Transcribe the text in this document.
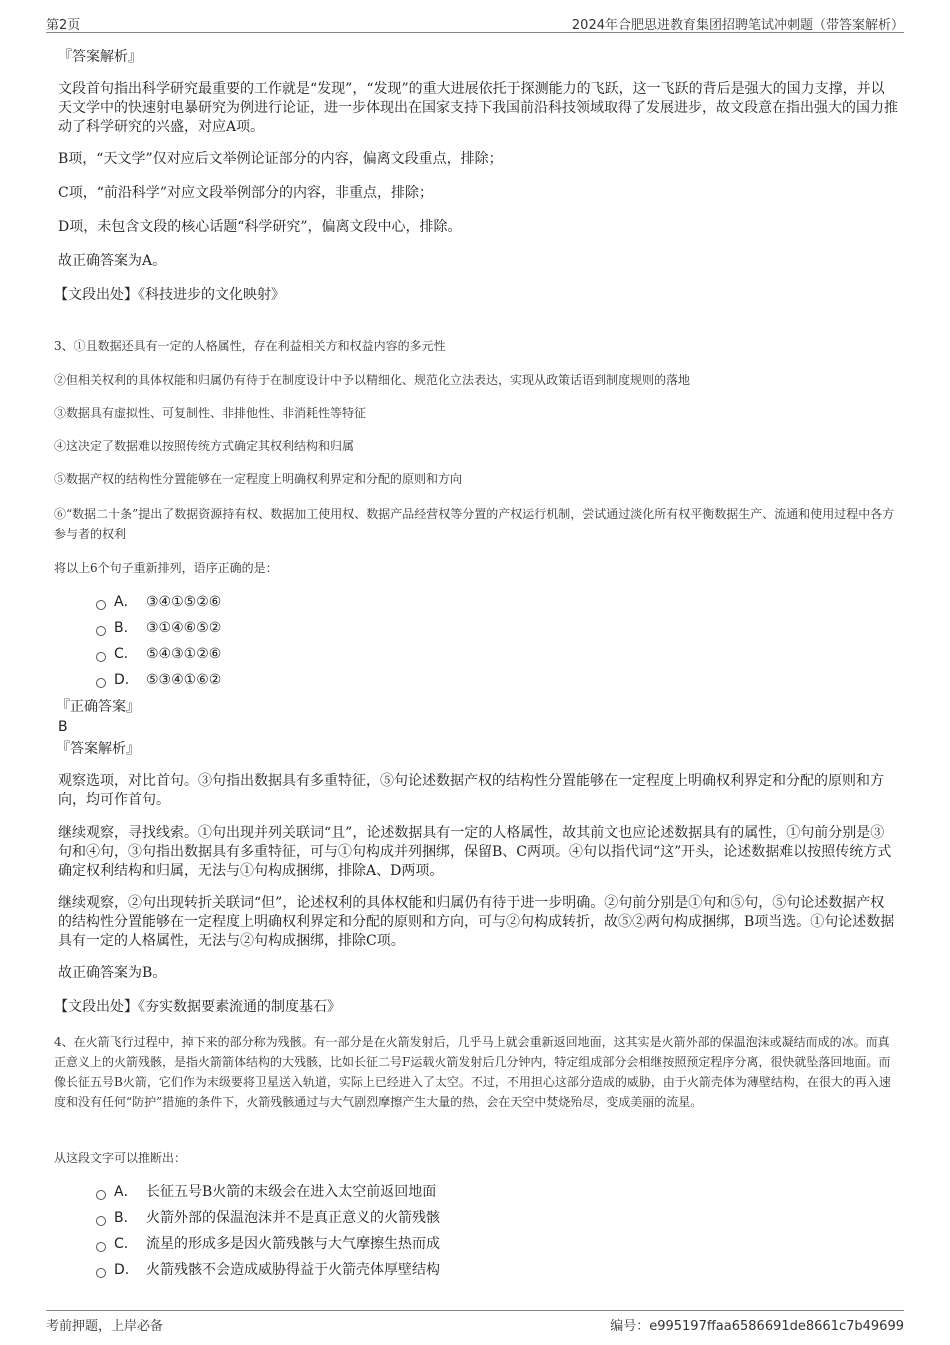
第2页	2024年合肥思进教育集团招聘笔试冲刺题（带答案解析）
『答案解析』
文段首句指出科学研究最重要的工作就是“发现”，“发现”的重大进展依托于探测能力的飞跃，这一飞跃的背后是强大的国力支撑，并以天文学中的快速射电暴研究为例进行论证，进一步体现出在国家支持下我国前沿科技领域取得了发展进步，故文段意在指出强大的国力推动了科学研究的兴盛，对应A项。
B项，“天文学”仅对应后文举例论证部分的内容，偏离文段重点，排除；
C项，“前沿科学”对应文段举例部分的内容，非重点，排除；
D项，未包含文段的核心话题“科学研究”，偏离文段中心，排除。
故正确答案为A。
【文段出处】《科技进步的文化映射》
3、①且数据还具有一定的人格属性，存在利益相关方和权益内容的多元性
②但相关权利的具体权能和归属仍有待于在制度设计中予以精细化、规范化立法表达，实现从政策话语到制度规则的落地
③数据具有虚拟性、可复制性、非排他性、非消耗性等特征
④这决定了数据难以按照传统方式确定其权利结构和归属
⑤数据产权的结构性分置能够在一定程度上明确权利界定和分配的原则和方向
⑥“数据二十条”提出了数据资源持有权、数据加工使用权、数据产品经营权等分置的产权运行机制，尝试通过淡化所有权平衡数据生产、流通和使用过程中各方参与者的权利
将以上6个句子重新排列，语序正确的是：
A． ③④①⑤②⑥
B.	③①④⑥⑤②
C.	⑤④③①②⑥
D.	⑤③④①⑥②
『正确答案』
B
『答案解析』
观察选项，对比首句。③句指出数据具有多重特征，⑤句论述数据产权的结构性分置能够在一定程度上明确权利界定和分配的原则和方向，均可作首句。
继续观察，寻找线索。①句出现并列关联词“且”，论述数据具有一定的人格属性，故其前文也应论述数据具有的属性，①句前分别是③句和④句，③句指出数据具有多重特征，可与①句构成并列捆绑，保留B、C两项。④句以指代词“这”开头，论述数据难以按照传统方式确定权利结构和归属，无法与①句构成捆绑，排除A、D两项。
继续观察，②句出现转折关联词“但”，论述权利的具体权能和归属仍有待于进一步明确。②句前分别是①句和⑤句，⑤句论述数据产权的结构性分置能够在一定程度上明确权利界定和分配的原则和方向，可与②句构成转折，故⑤②两句构成捆绑，B项当选。①句论述数据具有一定的人格属性，无法与②句构成捆绑，排除C项。
故正确答案为B。
【文段出处】《夯实数据要素流通的制度基石》
4、在火箭飞行过程中，掉下来的部分称为残骸。有一部分是在火箭发射后，几乎马上就会重新返回地面，这其实是火箭外部的保温泡沫或凝结而成的冰。而真正意义上的火箭残骸，是指火箭箭体结构的大残骸，比如长征二号F运载火箭发射后几分钟内，特定组成部分会相继按照预定程序分离，很快就坠落回地面。而像长征五号B火箭，它们作为末级要将卫星送入轨道，实际上已经进入了太空。不过，不用担心这部分造成的威胁，由于火箭壳体为薄壁结构，在很大的再入速度和没有任何“防护”措施的条件下，火箭残骸通过与大气剧烈摩擦产生大量的热，会在天空中焚烧殆尽，变成美丽的流星。
从这段文字可以推断出：
A． 长征五号B火箭的末级会在进入太空前返回地面
B.	火箭外部的保温泡沫并不是真正意义的火箭残骸
C.	流星的形成多是因火箭残骸与大气摩擦生热而成
D.	火箭残骸不会造成威胁得益于火箭壳体厚壁结构
考前押题，上岸必备	编号：e995197ffaa6586691de8661c7b49699
